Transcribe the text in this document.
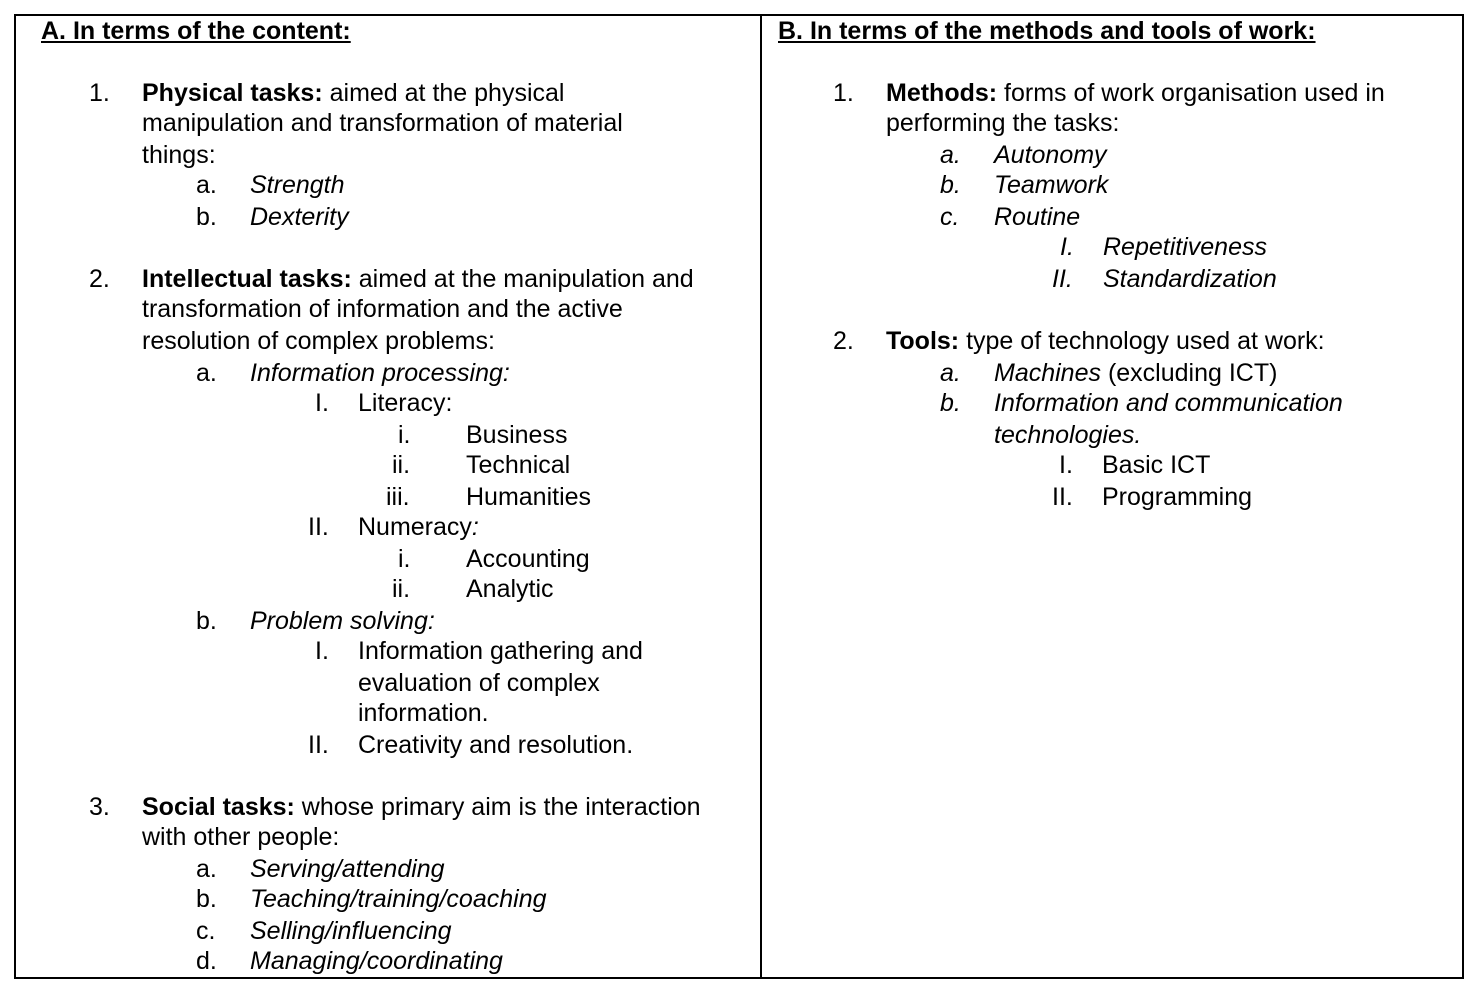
A. In terms of the content:
1. Physical tasks: aimed at the physical
manipulation and transformation of material
things:
a. Strength
b. Dexterity
2. Intellectual tasks: aimed at the manipulation and
transformation of information and the active
resolution of complex problems:
a. Information processing:
I. Literacy:
i. Business
ii. Technical
iii. Humanities
II. Numeracy:
i. Accounting
ii. Analytic
b. Problem solving:
I. Information gathering and
evaluation of complex
information.
II. Creativity and resolution.
3. Social tasks: whose primary aim is the interaction
with other people:
a. Serving/attending
b. Teaching/training/coaching
c. Selling/influencing
d. Managing/coordinating
B. In terms of the methods and tools of work:
1. Methods: forms of work organisation used in
performing the tasks:
a. Autonomy
b. Teamwork
c. Routine
I. Repetitiveness
II. Standardization
2. Tools: type of technology used at work:
a. Machines (excluding ICT)
b. Information and communication
technologies.
I. Basic ICT
II. Programming
